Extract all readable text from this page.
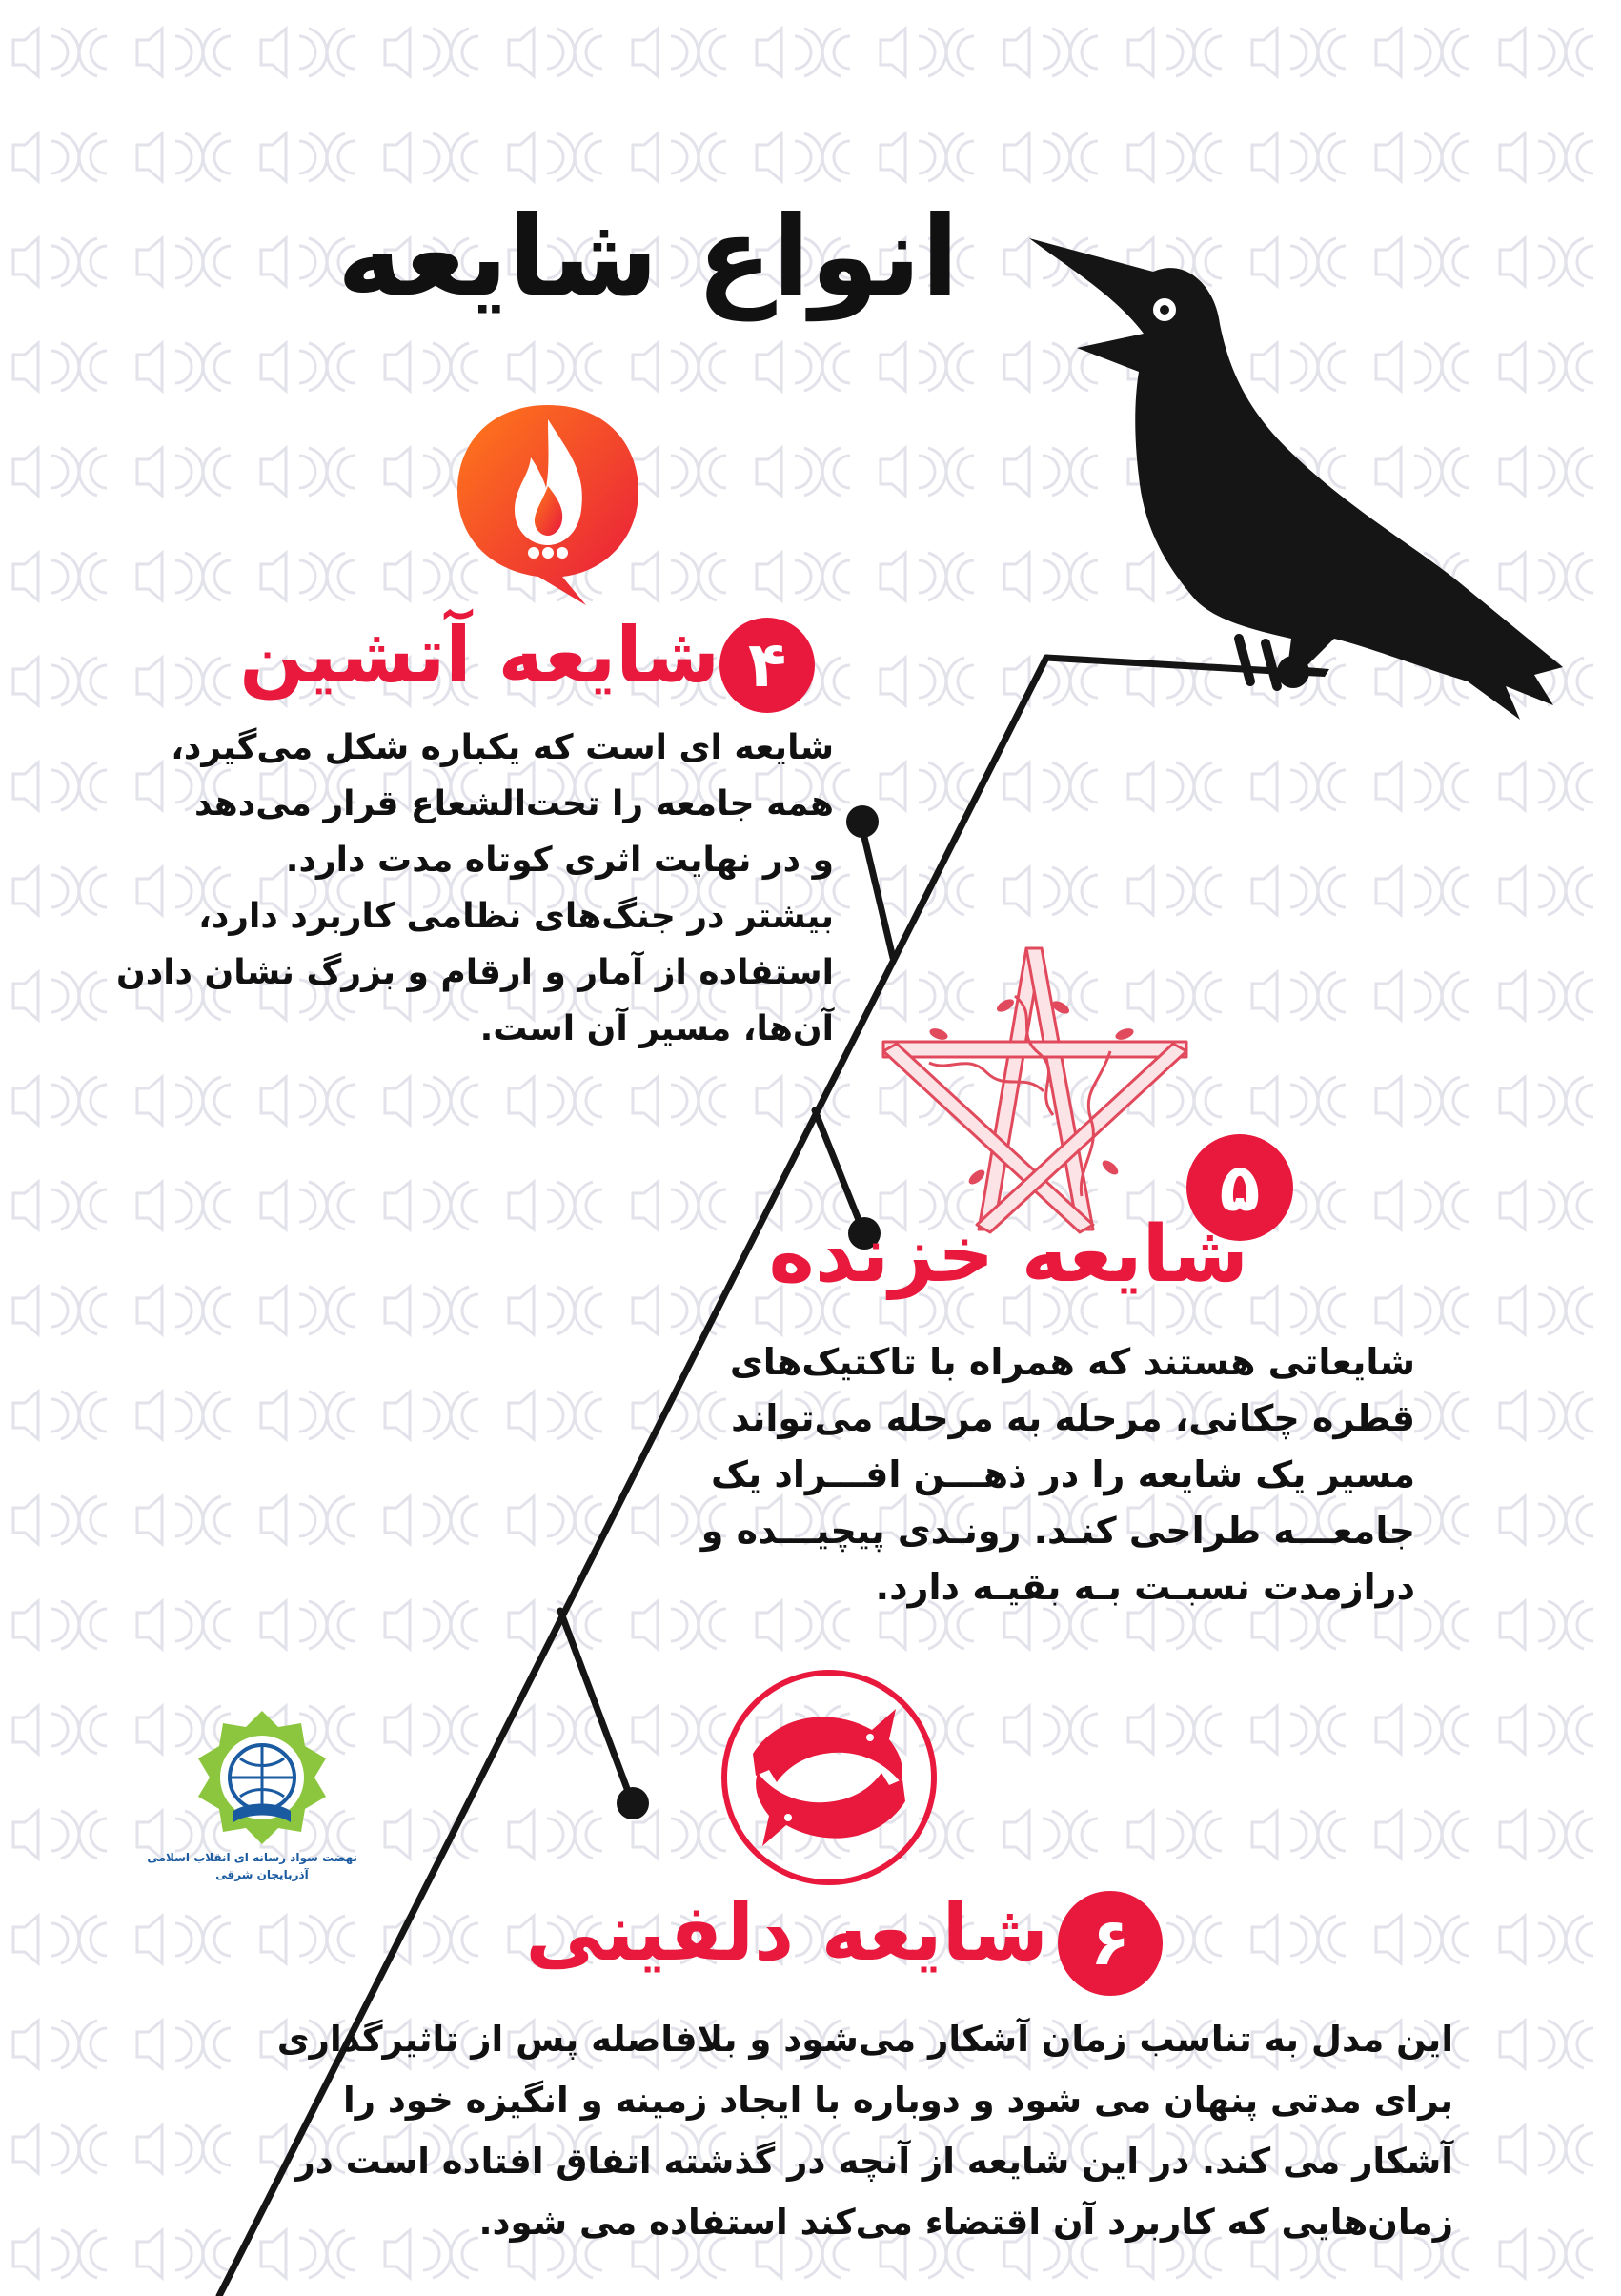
انواع شایعه
۴
شایعه آتشین
شایعه ای است که یکباره شکل می‌گیرد،
همه جامعه را تحت‌الشعاع قرار می‌دهد
و در نهایت اثری کوتاه مدت دارد.
بیشتر در جنگ‌های نظامی کاربرد دارد،
استفاده از آمار و ارقام و بزرگ نشان دادن
آن‌ها، مسیر آن است.
۵
شایعه خزنده
شایعاتی هستند که همراه با تاکتیک‌های
قطره چکانی، مرحله به مرحله می‌تواند
مسیر یک شایعه را در ذهـــن افـــراد یک
جامعـــه طراحی کنـد. رونـدی پیچیـــده و
درازمدت نسبـت بـه بقیـه دارد.
۶
شایعه دلفینی
این مدل به تناسب زمان آشکار می‌شود و بلافاصله پس از تاثیرگذاری
برای مدتی پنهان می شود و دوباره با ایجاد زمینه و انگیزه خود را
آشکار می کند. در این شایعه از آنچه در گذشته اتفاق افتاده است در
زمان‌هایی که کاربرد آن اقتضاء می‌کند استفاده می شود.
نهضت سواد رسانه ای انقلاب اسلامی
آذربایجان شرقی
